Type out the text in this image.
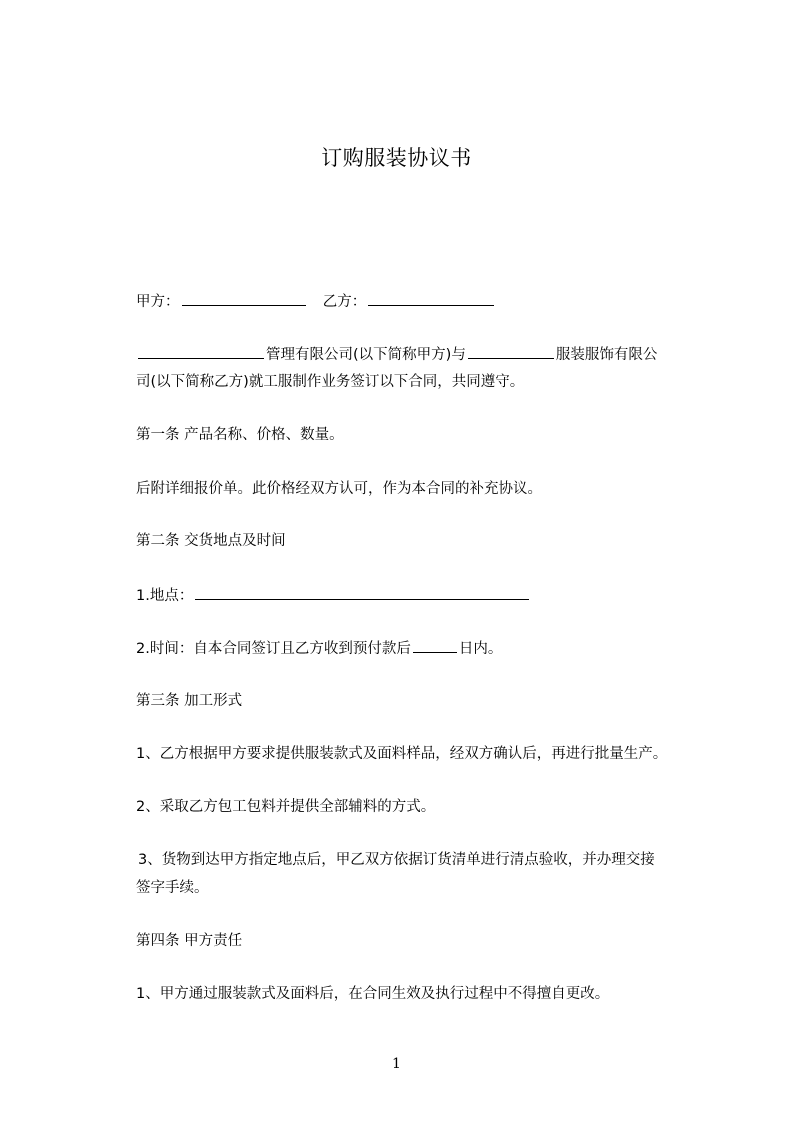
订购服装协议书
甲方：	乙方：
管理有限公司(以下简称甲方)与	服装服饰有限公
司(以下简称乙方)就工服制作业务签订以下合同，共同遵守。
第一条 产品名称、价格、数量。
后附详细报价单。此价格经双方认可，作为本合同的补充协议。
第二条 交货地点及时间
1.地点：
2.时间：自本合同签订且乙方收到预付款后	日内。
第三条 加工形式
1、乙方根据甲方要求提供服装款式及面料样品，经双方确认后，再进行批量生产。
2、采取乙方包工包料并提供全部辅料的方式。
3、货物到达甲方指定地点后，甲乙双方依据订货清单进行清点验收，并办理交接
签字手续。
第四条 甲方责任
1、甲方通过服装款式及面料后，在合同生效及执行过程中不得擅自更改。
1
